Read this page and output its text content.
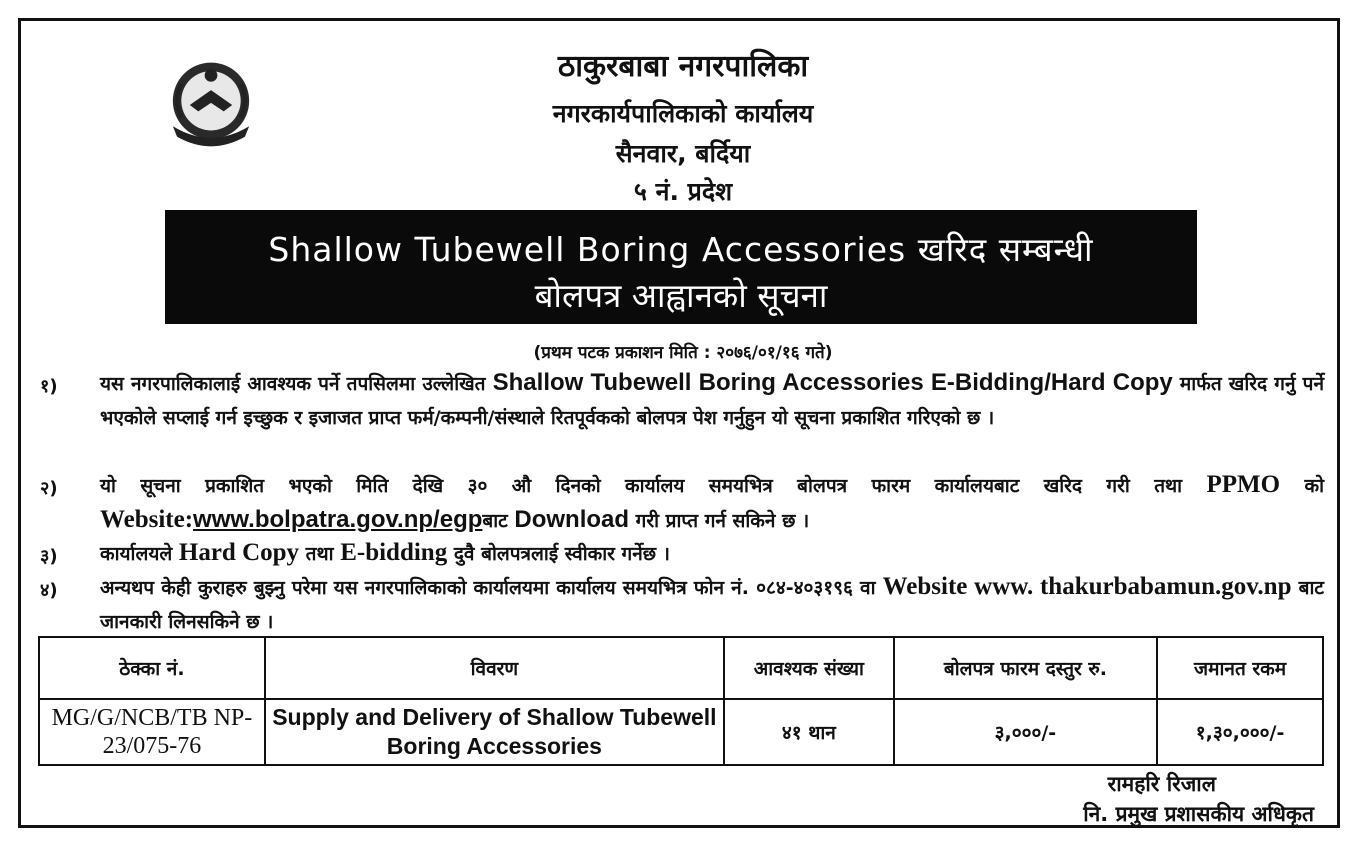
ठाकुरबाबा नगरपालिका
नगरकार्यपालिकाको कार्यालय
सैनवार, बर्दिया
५ नं. प्रदेश
Shallow Tubewell Boring Accessories खरिद सम्बन्धी
बोलपत्र आह्वानको सूचना
(प्रथम पटक प्रकाशन मिति : २०७६/०१/१६ गते)
१) यस नगरपालिकालाई आवश्यक पर्ने तपसिलमा उल्लेखित Shallow Tubewell Boring Accessories E-Bidding/Hard Copy मार्फत खरिद गर्नु पर्ने भएकोले सप्लाई गर्न इच्छुक र इजाजत प्राप्त फर्म/कम्पनी/संस्थाले रितपूर्वकको बोलपत्र पेश गर्नुहुन यो सूचना प्रकाशित गरिएको छ ।
२) यो सूचना प्रकाशित भएको मिति देखि ३० औ दिनको कार्यालय समयभित्र बोलपत्र फारम कार्यालयबाट खरिद गरी तथा PPMO को Website:www.bolpatra.gov.np/egpबाट Download गरी प्राप्त गर्न सकिने छ ।
३) कार्यालयले Hard Copy तथा E-bidding दुवै बोलपत्रलाई स्वीकार गर्नेछ ।
४) अन्यथप केही कुराहरु बुझ्नु परेमा यस नगरपालिकाको कार्यालयमा कार्यालय समयभित्र फोन नं. ०८४-४०३१९६ वा Website www. thakurbabamun.gov.np बाट जानकारी लिनसकिने छ ।
ठेक्का नं.	विवरण	आवश्यक संख्या	बोलपत्र फारम दस्तुर रु.	जमानत रकम
MG/G/NCB/TB NP-23/075-76	Supply and Delivery of Shallow Tubewell Boring Accessories	४१ थान	३,०००/-	१,३०,०००/-
रामहरि रिजाल
नि. प्रमुख प्रशासकीय अधिकृत
